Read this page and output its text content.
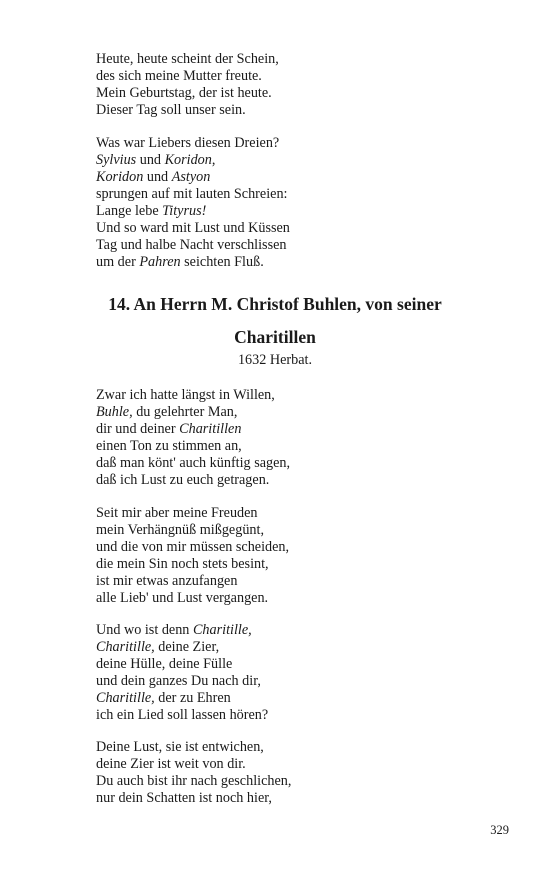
Heute, heute scheint der Schein,
des sich meine Mutter freute.
Mein Geburtstag, der ist heute.
Dieser Tag soll unser sein.
Was war Liebers diesen Dreien?
Sylvius und Koridon,
Koridon und Astyon
sprungen auf mit lauten Schreien:
Lange lebe Tityrus!
Und so ward mit Lust und Küssen
Tag und halbe Nacht verschlissen
um der Pahren seichten Fluß.
14. An Herrn M. Christof Buhlen, von seiner
Charitillen
1632 Herbat.
Zwar ich hatte längst in Willen,
Buhle, du gelehrter Man,
dir und deiner Charitillen
einen Ton zu stimmen an,
daß man könt' auch künftig sagen,
daß ich Lust zu euch getragen.
Seit mir aber meine Freuden
mein Verhängnüß mißgegünt,
und die von mir müssen scheiden,
die mein Sin noch stets besint,
ist mir etwas anzufangen
alle Lieb' und Lust vergangen.
Und wo ist denn Charitille,
Charitille, deine Zier,
deine Hülle, deine Fülle
und dein ganzes Du nach dir,
Charitille, der zu Ehren
ich ein Lied soll lassen hören?
Deine Lust, sie ist entwichen,
deine Zier ist weit von dir.
Du auch bist ihr nach geschlichen,
nur dein Schatten ist noch hier,
329
